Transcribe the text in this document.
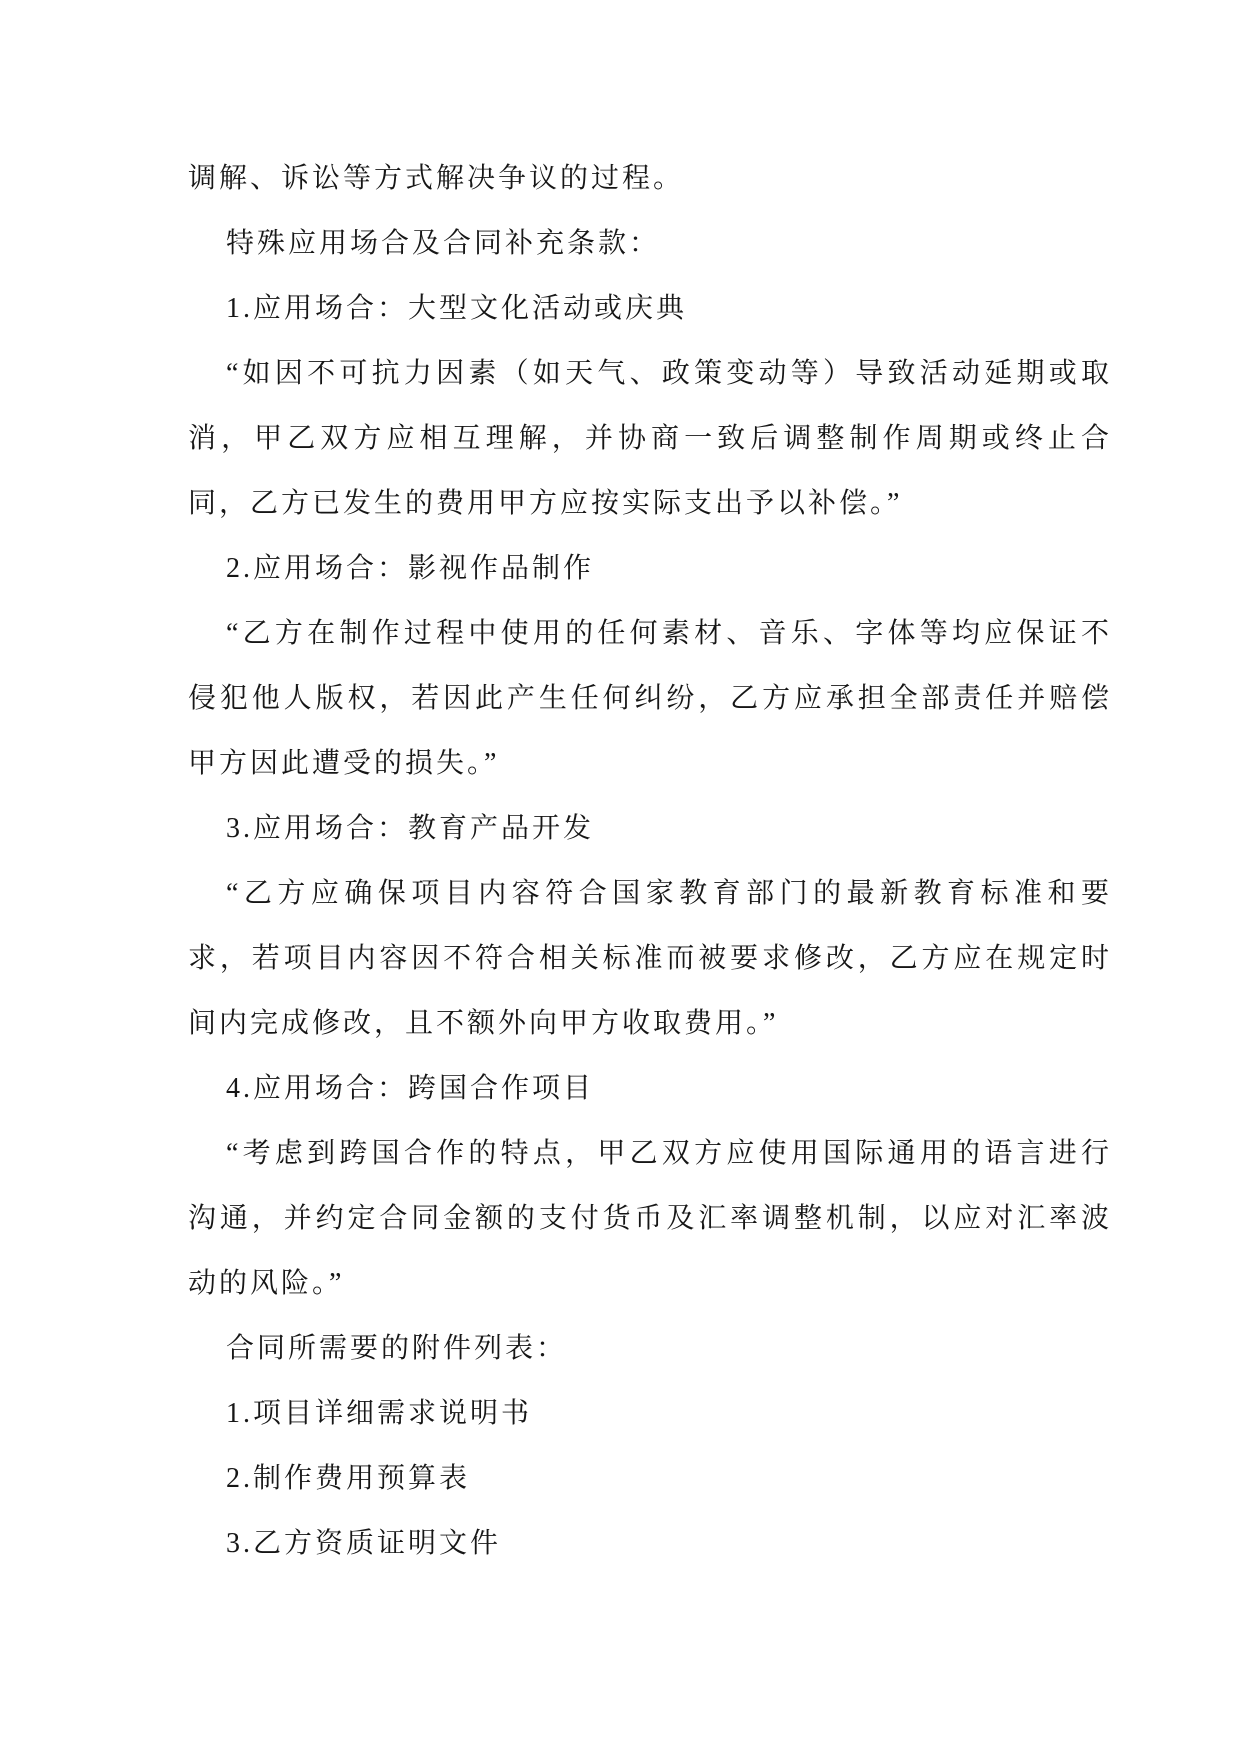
调解、诉讼等方式解决争议的过程。
特殊应用场合及合同补充条款：
1.应用场合：大型文化活动或庆典
“如因不可抗力因素（如天气、政策变动等）导致活动延期或取
消，甲乙双方应相互理解，并协商一致后调整制作周期或终止合
同，乙方已发生的费用甲方应按实际支出予以补偿。”
2.应用场合：影视作品制作
“乙方在制作过程中使用的任何素材、音乐、字体等均应保证不
侵犯他人版权，若因此产生任何纠纷，乙方应承担全部责任并赔偿
甲方因此遭受的损失。”
3.应用场合：教育产品开发
“乙方应确保项目内容符合国家教育部门的最新教育标准和要
求，若项目内容因不符合相关标准而被要求修改，乙方应在规定时
间内完成修改，且不额外向甲方收取费用。”
4.应用场合：跨国合作项目
“考虑到跨国合作的特点，甲乙双方应使用国际通用的语言进行
沟通，并约定合同金额的支付货币及汇率调整机制，以应对汇率波
动的风险。”
合同所需要的附件列表：
1.项目详细需求说明书
2.制作费用预算表
3.乙方资质证明文件
